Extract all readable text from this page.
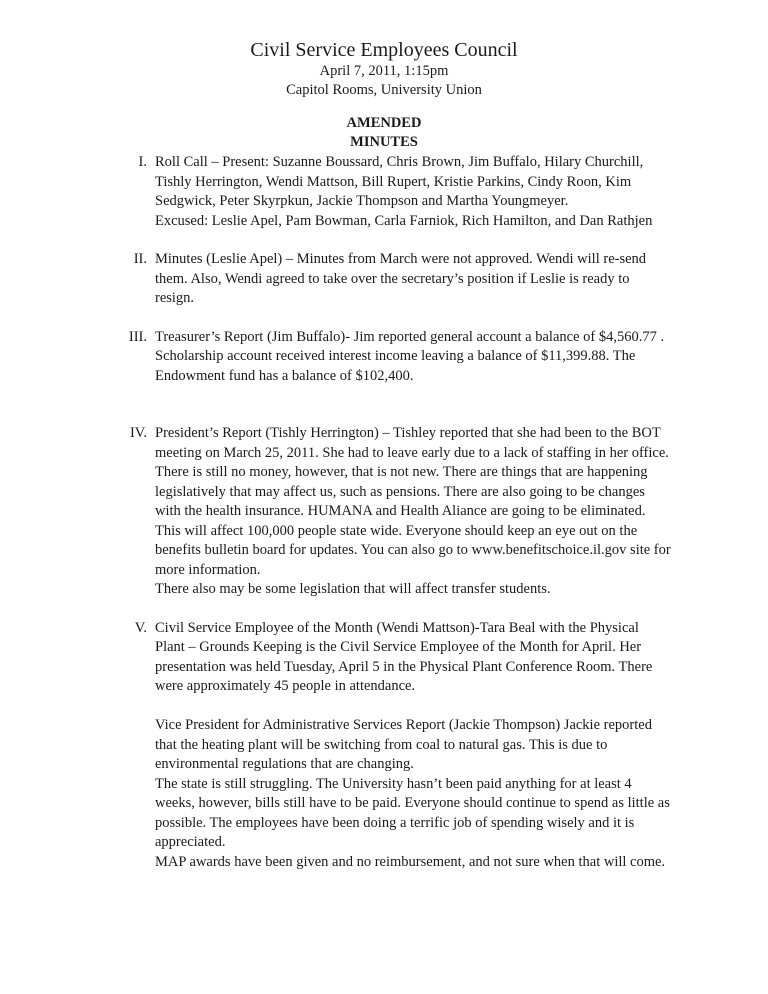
Civil Service Employees Council
April 7, 2011, 1:15pm
Capitol Rooms, University Union
AMENDED
MINUTES
I. Roll Call – Present: Suzanne Boussard, Chris Brown, Jim Buffalo, Hilary Churchill, Tishly Herrington, Wendi Mattson, Bill Rupert, Kristie Parkins, Cindy Roon, Kim Sedgwick, Peter Skyrpkun, Jackie Thompson and Martha Youngmeyer.

Excused: Leslie Apel, Pam Bowman, Carla Farniok, Rich Hamilton, and Dan Rathjen

II. Minutes (Leslie Apel) – Minutes from March were not approved. Wendi will re-send them. Also, Wendi agreed to take over the secretary’s position if Leslie is ready to resign.

III. Treasurer’s Report (Jim Buffalo)- Jim reported general account a balance of $4,560.77 . Scholarship account received interest income leaving a balance of $11,399.88. The Endowment fund has a balance of $102,400.

IV. President’s Report (Tishly Herrington) – Tishley reported that she had been to the BOT meeting on March 25, 2011. She had to leave early due to a lack of staffing in her office. There is still no money, however, that is not new. There are things that are happening legislatively that may affect us, such as pensions. There are also going to be changes with the health insurance. HUMANA and Health Aliance are going to be eliminated. This will affect 100,000 people state wide. Everyone should keep an eye out on the benefits bulletin board for updates. You can also go to www.benefitschoice.il.gov site for more information.

There also may be some legislation that will affect transfer students.

V. Civil Service Employee of the Month (Wendi Mattson)-Tara Beal with the Physical Plant – Grounds Keeping is the Civil Service Employee of the Month for April. Her presentation was held Tuesday, April 5 in the Physical Plant Conference Room. There were approximately 45 people in attendance.

Vice President for Administrative Services Report (Jackie Thompson) Jackie reported that the heating plant will be switching from coal to natural gas. This is due to environmental regulations that are changing.

The state is still struggling. The University hasn’t been paid anything for at least 4 weeks, however, bills still have to be paid. Everyone should continue to spend as little as possible. The employees have been doing a terrific job of spending wisely and it is appreciated.

MAP awards have been given and no reimbursement, and not sure when that will come.
